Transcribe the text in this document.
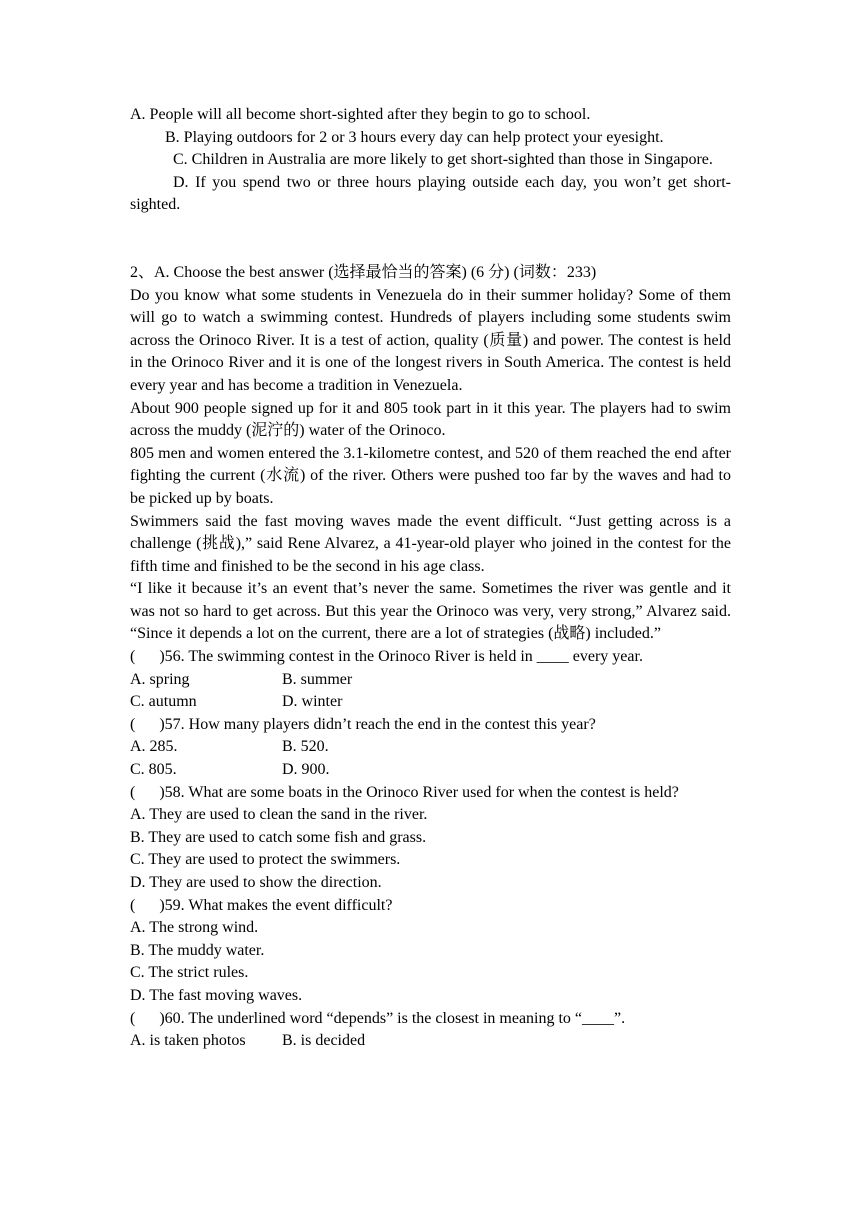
A. People will all become short-sighted after they begin to go to school.

B. Playing outdoors for 2 or 3 hours every day can help protect your eyesight.

C. Children in Australia are more likely to get short-sighted than those in Singapore.

D. If you spend two or three hours playing outside each day, you won’t get short-sighted.

2、A. Choose the best answer (选择最恰当的答案) (6 分) (词数：233)

Do you know what some students in Venezuela do in their summer holiday? Some of them will go to watch a swimming contest. Hundreds of players including some students swim across the Orinoco River. It is a test of action, quality (质量) and power. The contest is held in the Orinoco River and it is one of the longest rivers in South America. The contest is held every year and has become a tradition in Venezuela.

About 900 people signed up for it and 805 took part in it this year. The players had to swim across the muddy (泥泞的) water of the Orinoco.

805 men and women entered the 3.1-kilometre contest, and 520 of them reached the end after fighting the current (水流) of the river. Others were pushed too far by the waves and had to be picked up by boats.

Swimmers said the fast moving waves made the event difficult. “Just getting across is a challenge (挑战),” said Rene Alvarez, a 41-year-old player who joined in the contest for the fifth time and finished to be the second in his age class.

“I like it because it’s an event that’s never the same. Sometimes the river was gentle and it was not so hard to get across. But this year the Orinoco was very, very strong,” Alvarez said. “Since it depends a lot on the current, there are a lot of strategies (战略) included.”

(      )56. The swimming contest in the Orinoco River is held in ____ every year.

A. spring	B. summer
C. autumn	D. winter

(      )57. How many players didn’t reach the end in the contest this year?

A. 285.	B. 520.
C. 805.	D. 900.

(      )58. What are some boats in the Orinoco River used for when the contest is held?

A. They are used to clean the sand in the river.

B. They are used to catch some fish and grass.

C. They are used to protect the swimmers.

D. They are used to show the direction.

(      )59. What makes the event difficult?

A. The strong wind.

B. The muddy water.

C. The strict rules.

D. The fast moving waves.

(      )60. The underlined word “depends” is the closest in meaning to “____”.

A. is taken photos	B. is decided
